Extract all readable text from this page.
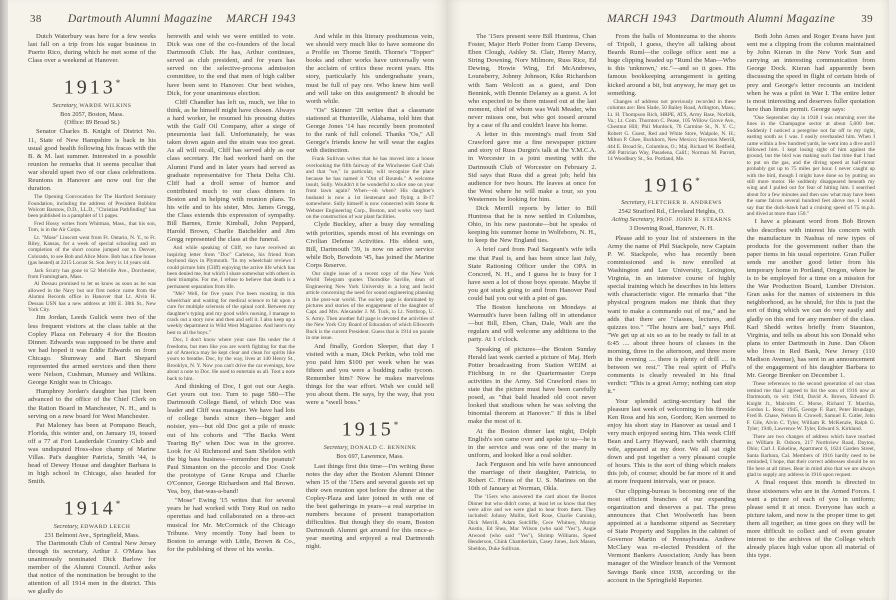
38 Dartmouth Alumni Magazine MARCH 1943

Dutch Waterbury was here for a few weeks last fall on a trip from his sugar business in Puerto Rico, during which he met some of the Class over a weekend at Hanover.

1913*

Secretary, WARDE WILKINS

Box 2057, Boston, Mass.

(Office: 89 Broad St.)

Senator Charles B. Knight of District No. 11, State of New Hampshire is back in his usual good health following his fracas with the B. & M. last summer. Interested in a possible reunion he remarks that it seems peculiar that war should upset two of our class celebrations. Reunions in Hanover are now out for the duration.

The Opening Convocation for The Hartford Seminary Foundation, including the address of President Robbins Wolcott Barstow, D.D., LL.D., "Christian Pathfinding" has been published in a pamphlet of 11 pages.

Fred Hossy writes from Whitman, Mass., that his son, Tom, is in the Air Corps.

Lt. "Mose" Linscott went from Ft. Ontario, N. Y., to Ft. Riley, Kansas, for a week of special schooling and on completion of the short course jumped out to Denver, Colorado, to see Bob and Alice More. Bob has a fine house (gas heated) at 2215 Locust St. Son Jerry is 14 years old.

Jack Scurry has gone to 52 Melville Ave., Dorchester, from Framingham, Mass.

Al Dessau promised to let us know as soon as he was allowed in the Navy but our first notice came from the Alumni Records office in Hanover that Lt. Alvin H. Dessau USN has a new address at 108 E. 38th St., New York City.

Jim Jordan, Leeds Gulick were two of the less frequent visitors at the class table at the Copley Plaza on February 4 for the Boston Dinner. Edwards was supposed to be there and we had hoped it was Eddie Edwards on from Chicago. Shumway and Bart Shepard represented the armed services and then there were Nelson, Cushman, Munsey and Wilkins. George Knight was in Chicago.

Humphrey Jordan's daughter has just been advanced to the office of the Chief Clerk on the Ration Board in Manchester, N. H., and is serving on a new board for West Manchester.

Pat Maloney has been at Pompano Beach, Florida, this winter and, on January 19, tossed off a 77 at Fort Lauderdale Country Club and was undisputed Hoss-shoe champ of Marine Villas. Pat's daughter Patricia, Smith '44, is head of Dewey House and daughter Barbara is in high school in Chicago, also headed for Smith.

1914*

Secretary, EDWARD LEECH

231 Belmont Ave., Springfield, Mass.

The Dartmouth Club of Central New Jersey through its secretary, Arthur J. O'Mara has unanimously nominated Dick Barlow for member of the Alumni Council. Arthur asks that notice of the nomination be brought to the attention of all 1914 men in the district. This we gladly do

herewith and wish we were entitled to vote. Dick was one of the co-founders of the local Dartmouth Club. He has, Arthur continues, served as club president, and for years has served on the selective-process admission committee, to the end that men of high caliber have been sent to Hanover. Our best wishes, Dick, for your unanimous election.

Cliff Chandler has left us, much, we like to think, as he himself might have chosen. Always a hard worker, he resumed his pressing duties with the Gulf Oil Company, after a siege of pneumonia last fall. Unfortunately, he was taken down again and the strain was too great. As all will recall, Cliff has served ably as our class secretary. He had worked hard on the Alumni Fund and in later years had served as graduate representative for Theta Delta Chi. Cliff had a droll sense of humor and contributed much to our class dinners in Boston and in helping with reunion plans. To his wife and to his sister, Mrs. James Gregg, the Class extends this expression of sympathy. Bill Barnes, Ernie Kimball, John Peppard, Harold Brown, Charlie Batchelder and Jim Gregg represented the class at the funeral.

And while speaking of Cliff, we have received an inspiring letter from "Doc" Carleton, his friend from boyhood days in Plymouth. "In my wheelchair reviews I could picture him (Cliff) enjoying the active life which has been denied me, but which I share somewhat with others in their triumphs. For me, I refuse to believe that death is a permanent separation from life.

"Me? Well, for five years I've been roosting in this wheelchair and waiting for medical science to hit upon a cure for multiple sclerosis of the spinal cord. Between my daughter's typing and my good wife's nursing, I manage to crack out a story now and then and sell it. I also keep up a weekly department in Wild West Magazine. And here's my best to all the boys."

Doc, I don't know where your case fits under the 4 freedoms, but men like you are worth fighting for that the air of America may be kept clear and clean for spirits like yours to breathe. Doc, by the way, lives at 140 Henry St., Brooklyn, N. Y. Now you can't drive the car evenings, how about a note to Doc. He used to entertain us all. Toot a note back to him.

And thinking of Doc, I got out our Aegis. Get yours out too. Turn to page 580—The Dartmouth College Band, of which Doc was leader and Cliff was manager. We have had lots of college bands since then—bigger and noisier, yes—but old Doc got a pile of music out of his cohorts and "The Backs Went Tearing By" when Doc was in the groove. Look for Al Richmond and Sam Sheldon with the big bass business—remember the peanuts? Paul Simanton on the piccolo and Doc Cook the prototype of Gene Krupa and Charlie O'Connor, George Richardson and Hal Brown. Yea, boy, that-was-a-band!

"Mose" Ewing '15 writes that for several years he had worked with Tony Rud on radio operettas and had collaborated on a three-act musical for Mr. McCormick of the Chicago Tribune. Very recently Tony had been to Boston to arrange with Little, Brown & Co., for the publishing of three of his works.

And while in this literary posthumous vein, we should very much like to have someone do a Profile on Thorne Smith. Thorne's "Topper" books and other works have universally won the acclaim of critics these recent years. His story, particularly his undergraduate years, must be full of pay ore. Who knew him well and will take on this assignment? It should be worth while.

"Os" Skinner '28 writes that a classmate stationed at Huntsville, Alabama, told him that George Jones '14 has recently been promoted to the rank of full colonel. Thanks "Os," All George's friends know he will wear the eagles with distinction.

Frank Sullivan writes that he has moved into a house overlooking the fifth fairway of the Winchester Golf Club and that "we," in particular, will recognize the place because he has named it "Out of Bounds." A welcome insult, Sully. Wouldn't it be wonderful to slice one on your front lawn again? When—oh when? His daughter's husband is now a 1st lieutenant and flying a B-17 somewhere. Sully himself is now connected with Stone & Webster Engineering Corp., Boston, and works very hard on the construction of war plant facilities.

Clyde Buckley, after a busy day wrestling with priorities, spends most of his evenings on Civilian Defense Activities. His eldest son, Bill, Dartmouth '39, is now on active service while Bob, Bowdoin '45, has joined the Marine Corps Reserve.

Our single issue of a recent copy of the New York World Telegram quotes Thorndike Saville, dean of Engineering New York University in a long and lucid article concerning the need for sound engineering planning in the post-war world. The society page is dominated by pictures and stories of the engagement of the daughter of Capt. and Mrs. Alexander J. M. Tuck, to Lt. Northrop, U. S. Army. Then another full page is devoted the activities of the New York City Board of Education of which Ellsworth Buck is the current President. Guess that is 1914 on parade in one issue.

And finally, Gordon Sleeper, that day I visited with a man, Dick Perkin, who told me you paid him $100 per week when he was fifteen and you were a budding radio tycoon. Remember him? Now he makes marvelous things for the war effort. Wish we could tell you about them. He says, by the way, that you were a "swell boss."

1915*

Secretary, DONALD C. BENNINK

Box 697, Lawrence, Mass.

Last things first this time—I'm writing these notes the day after the Boston Alumni Dinner when 15 of the '15ers and several guests set up their own reunion spot before the dinner at the Copley-Plaza and later joined in with one of the best gatherings in years—a real surprise in numbers because of present transportation difficulties. But though they do roam, Boston Dartmouth Alumni get around for this once-a-year meeting and enjoyed a real Dartmouth night.

MARCH 1943 Dartmouth Alumni Magazine 39

The '15ers present were Bill Huntress, Chan Foster, Major Herb Potter from Camp Devens, Eben Clough, Ashley St. Clair, Henry Marcy, String Downing, Norv Milmore, Russ Rice, Ed Dewing, Howie Wing, Erl McAndrews, Lounsberry, Johnny Johnson, Kike Richardson with Sam Wolcott as a guest, and Don Bennink, with Dennie Delaney as a guest. A lot who expected to be there missed out at the last moment, chief of whom was Walt Meader, who never misses one, but who got tossed around by a case of flu and couldn't leave his home.

A letter in this morning's mail from Sid Crawford gave me a fine newspaper picture and story of Russ Durgin's talk at the Y.M.C.A. in Worcester in a joint meeting with the Dartmouth Club of Worcester on February 2. Sid says that Russ did a great job; held his audience for two hours. He leaves at once for the West where he will make a tour, so you Westerners be looking for him.

Dick Merrill reports by letter to Bill Huntress that he is now settled in Columbus, Ohio, in his new pastorate—but he speaks of keeping his summer home in Wolfeboro, N. H., to keep the New England ties.

A brief card from Paul Sargeant's wife tells me that Paul is, and has been since last July, State Rationing Officer under the OPA in Concord, N. H., and I guess he is busy for I have seen a lot of those boys operate. Maybe if you got stuck going to and from Hanover Paul could bail you out with a pint of gas.

The Boston luncheons on Mondays at Warmuth's have been falling off in attendance—but Bill, Eben, Chan, Dale, Walt are the regulars and will welcome any additions to the party. At 1 o'clock.

Speaking of pictures—the Boston Sunday Herald last week carried a picture of Maj. Herb Potter broadcasting from Station WEIM at Fitchburg in re the Quartermaster Corps activities in the Army. Sid Crawford rises to state that the picture must have been carefully posed, as "that bald headed old coot never looked that studious when he was solving the binomial theorem at Hanover." If this is libel make the most of it.

At the Boston dinner last night, Dolph English's son came over and spoke to us—he is in the service and was one of the many in uniform, and looked like a real soldier.

Jack Ferguson and his wife have announced the marriage of their daughter, Patricia, to Robert C. Friess of the U. S. Marines on the 10th of January at Norman, Okla.

The '15ers who answered the card about the Boston Dinner but who didn't come, at least let us know that they were alive and we were glad to hear from them. They included: Johnny Mullin, Kell Rose, Charlie Cumisky, Dick Merrill, Adam Sutcliffe, Cece Whitney, Murray Austin, Ed Shea, Mac Wilson (who said "Yes"), Augie Atwood (who said "Yes"), Shrimp Williams, Speed Henderson, Chink Chamberlain, Casey Jones, Jack Mason, Sheldon, Duke Sullivan.

From the halls of Montezuma to the shores of Tripoli, I guess, they're all talking about Beards Ruml—the college office sent me a huge clipping headed up "Ruml the Man—Who is this 'unknown,' etc."—and so it goes. His famous bookkeeping arrangement is getting kicked around a bit, but anyway, he may get us something.

Changes of address not previously recorded in these columns are: Ben Slade, 50 Bailey Road, Arlington, Mass.; Lt. H. Thompson Rich, HRPE, ATS, Army Base, Norfolk, Va.; Lt. Com. Thornton C. Pease, 105 Willow Grove Ave., Chestnut Hill; Phil Murdock, 76 Carmine St., N. Y. C.; Robert G. Guest, Red and White Store, Walpole, N. H.; Milton P. Ghee, Buckhorn, New Mexico; Boynton Merrill, 444 E. Broad St., Columbus, O.; Maj. Richard W. Redfield, 360 Patrician Way, Pasadena, Calif.; Norman M. Parrott, 14 Woodbury St., So. Portland, Me.

1916*

Secretary, FLETCHER B. ANDREWS

2542 Stratford Rd., Cleveland Heights, O.

Acting Secretary, PROF. JOHN B. STEARNS

3 Downing Road, Hanover, N. H.

Please add to your list of sixteeners in the Army the name of Phil Stackpole, now Captain P. W. Stackpole, who has recently been commissioned and is now enrolled at Washington and Lee University, Lexington, Virginia, in an intensive course of highly special training which he describes in his letters with characteristic vigor. He remarks that "the physical program makes me think that they want to make a commando out of me," and he adds that there are "classes, lectures, and quizzes too." "The hours are bad," says Phil. "We get up at six so as to be ready to fall in at 6:45 .... about three hours of classes in the morning, three in the afternoon, and three more in the evening .... there is plenty of drill .... in between we rest." The real spirit of Phil's comments is clearly revealed in his final verdict: "This is a great Army; nothing can stop it."

Your splendid acting-secretary had the pleasure last week of welcoming to his fireside Ken Ross and his son, Gordon; Ken seemed to enjoy his short stay in Hanover as usual and I very much enjoyed seeing him. This week Cliff Bean and Larry Hayward, each with charming wife, appeared at my door. We all sat right down and put together a very pleasant couple of hours. This is the sort of thing which makes this job, of course; should be far more of it and at more frequent intervals, war or peace.

Our clipping-bureau is becoming one of the most efficient branches of our expanding organization and deserves a pat. The press announces that Chet Woolworth has been appointed at a handsome stipend as Secretary of State Property and Supplies in the cabinet of Governor Martin of Pennsylvania. Andrew McClary was re-elected President of the Vermont Bankers Association; Andy has been manager of the Windsor branch of the Vermont Savings Bank since 1938, according to the account in the Springfield Reporter.

Both John Ames and Roger Evans have just sent me a clipping from the column maintained by John Kieran in the New York Sun and carrying an interesting communication from George Dock. Kieran had apparently been discussing the speed in flight of certain birds of prey and George's letter recounts an incident when he was a pilot in War I. The entire letter is most interesting and deserves fuller quotation here than limits permit. George says:

"One September day in 1918 I was returning over the lines in the Champagne sector at about 5,000 feet. Suddenly I noticed a peregrine not far off to my right, easting south as I was. I easily overhauled him. When I came within a few hundred yards, he went into a dive and I followed him. I kept losing sight of him against the ground, but the bird was making such fast time that I had to put on the gas, and the diving speed at half-motor probably got up to 75 miles per hour. I never caught up with the bird, though I might have done so by putting on still more motor. He suddenly disappeared beneath my wing and I pulled out for fear of hitting him. I searched about for a few minutes and then saw what may have been the same falcon several hundred feet above me. I would say that the duck-hawk had a cruising speed of 75 m.p.h. and dived at more than 150."

I have a pleasant word from Bob Brown who describes with interest his concern with the manufacture in Nashua of new types of products for the government rather than the paper items in his usual repertoire. Gran Fuller sends me another good letter from his temporary home in Portland, Oregon, where he is to be employed for a time on a mission for the War Production Board, Lumber Division. Gran asks for the names of sixteeners in this neighborhood, as he should, for this is just the sort of thing which we can do very easily and gladly on this end for any member of the class. Karl Shedd writes briefly from Staunton, Virginia, and tells us about his son Donald who plans to enter Dartmouth in June. Dan Olson who lives in Red Bank, New Jersey (110 Madison Avenue), has sent in an announcement of the engagement of his daughter Barbara to Mr. George Brenker on December 1.

These references to the second generation of our class remind me that I agreed to list the sons of 1916 now at Dartmouth, to wit: 1944, David A. Brown, Edward D. Knight Jr., Malcolm C. Morse, Richard T. Marchia, Gordon L. Ross; 1945, George F. Barr, Peter Brundage, Fred B. Chase, Nelson B. Crowell, Samuel E. Cutler, John F. Gile, Alvin C. Tyler, William R. McKenzie, Ralph G. Tyler; 1946, Lawrence W. Tyler, Edward S. Kirkland.

There are two changes of address which have reached us: William B. Osborn, 217 Northview Road, Dayton, Ohio; Carl J. Eskeline, Apartment 6, 1624 Garden Street, Santa Barbara, Cal. Members of 1916 hardly need to be reminded, I hope, that their correct addresses should be on file here at all times. Bear in mind also that we are always glad to supply any address in 1916 upon request.

A final request this month is directed to those sixteeners who are in the Armed Forces. I want a picture of each of you in uniform; please send it at once. Everyone has such a picture taken, and now is the proper time to get them all together; as time goes on they will be more difficult to collect and of even greater interest to the archives of the College which already places high value upon all material of this type.
